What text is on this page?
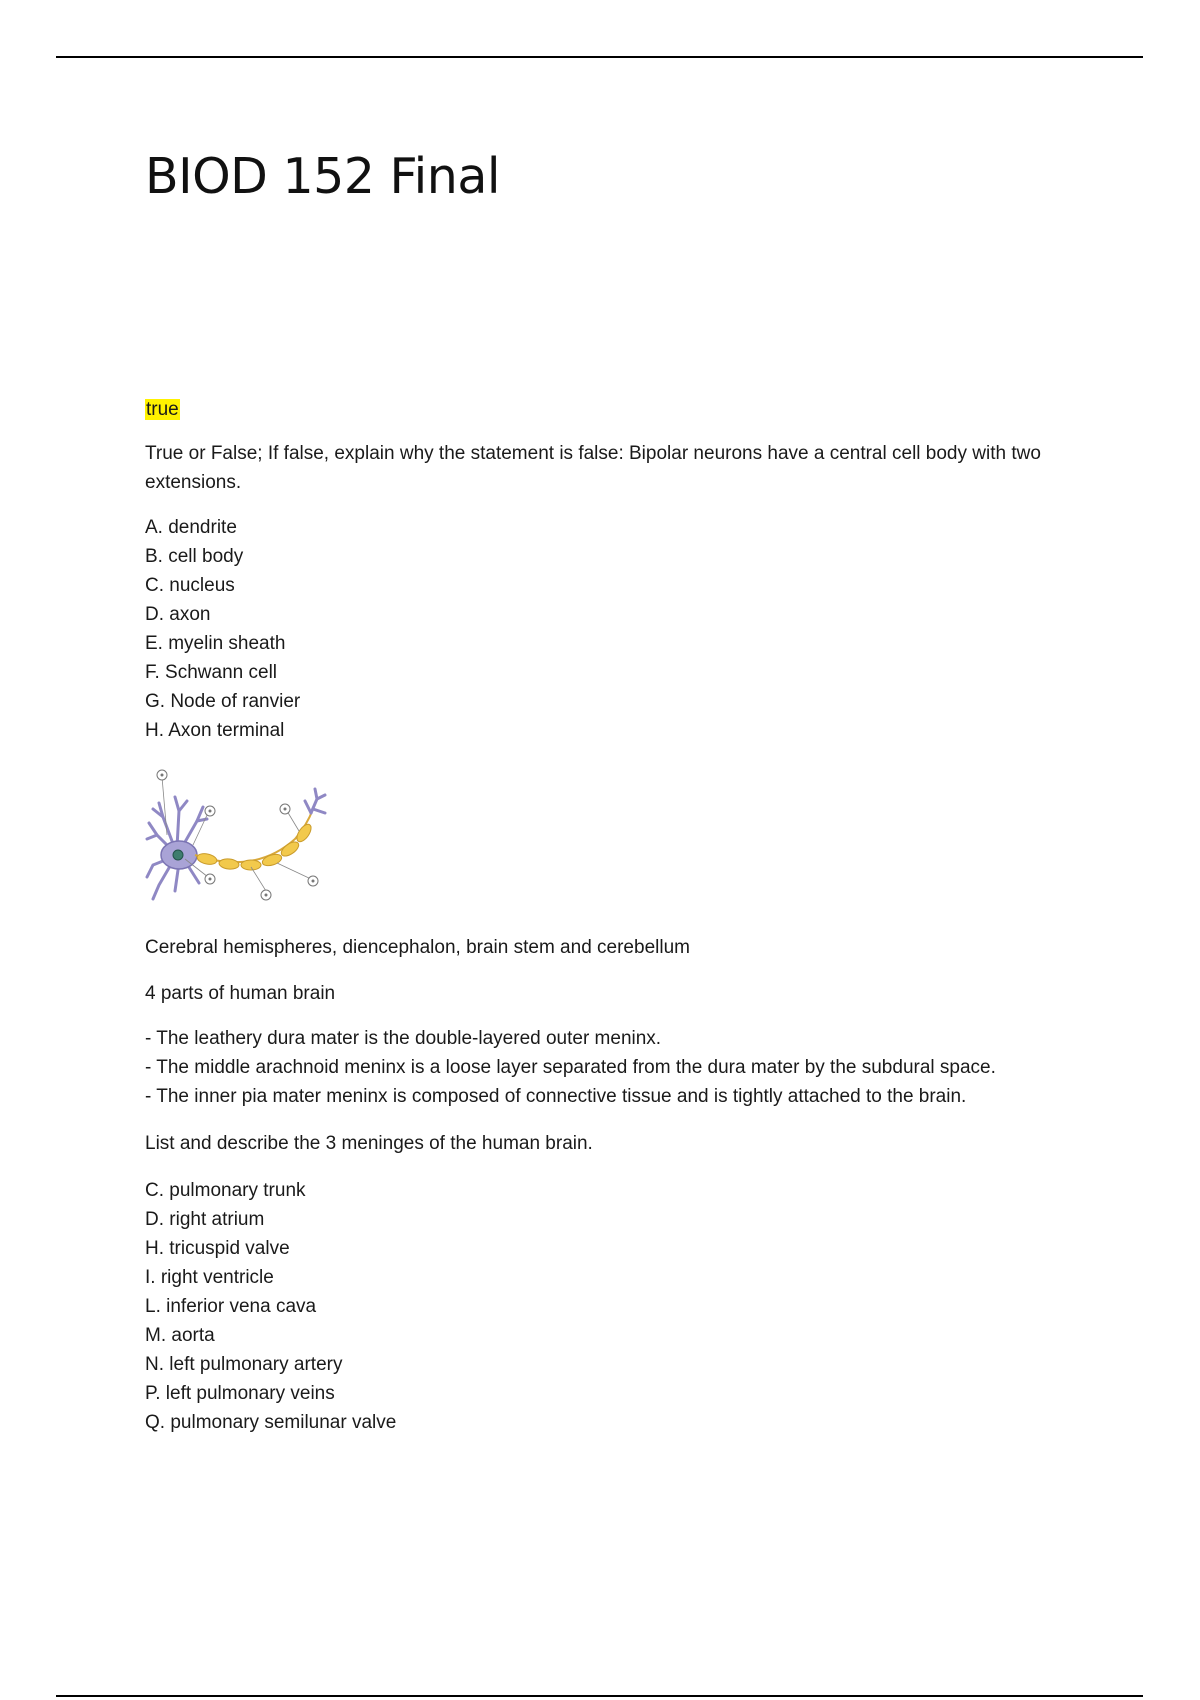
BIOD 152 Final
true
True or False; If false, explain why the statement is false: Bipolar neurons have a central cell body with two extensions.
A. dendrite
B. cell body
C. nucleus
D. axon
E. myelin sheath
F. Schwann cell
G. Node of ranvier
H. Axon terminal
Cerebral hemispheres, diencephalon, brain stem and cerebellum
4 parts of human brain
- The leathery dura mater is the double-layered outer meninx.
- The middle arachnoid meninx is a loose layer separated from the dura mater by the subdural space.
- The inner pia mater meninx is composed of connective tissue and is tightly attached to the brain.
List and describe the 3 meninges of the human brain.
C. pulmonary trunk
D. right atrium
H. tricuspid valve
I. right ventricle
L. inferior vena cava
M. aorta
N. left pulmonary artery
P. left pulmonary veins
Q. pulmonary semilunar valve
